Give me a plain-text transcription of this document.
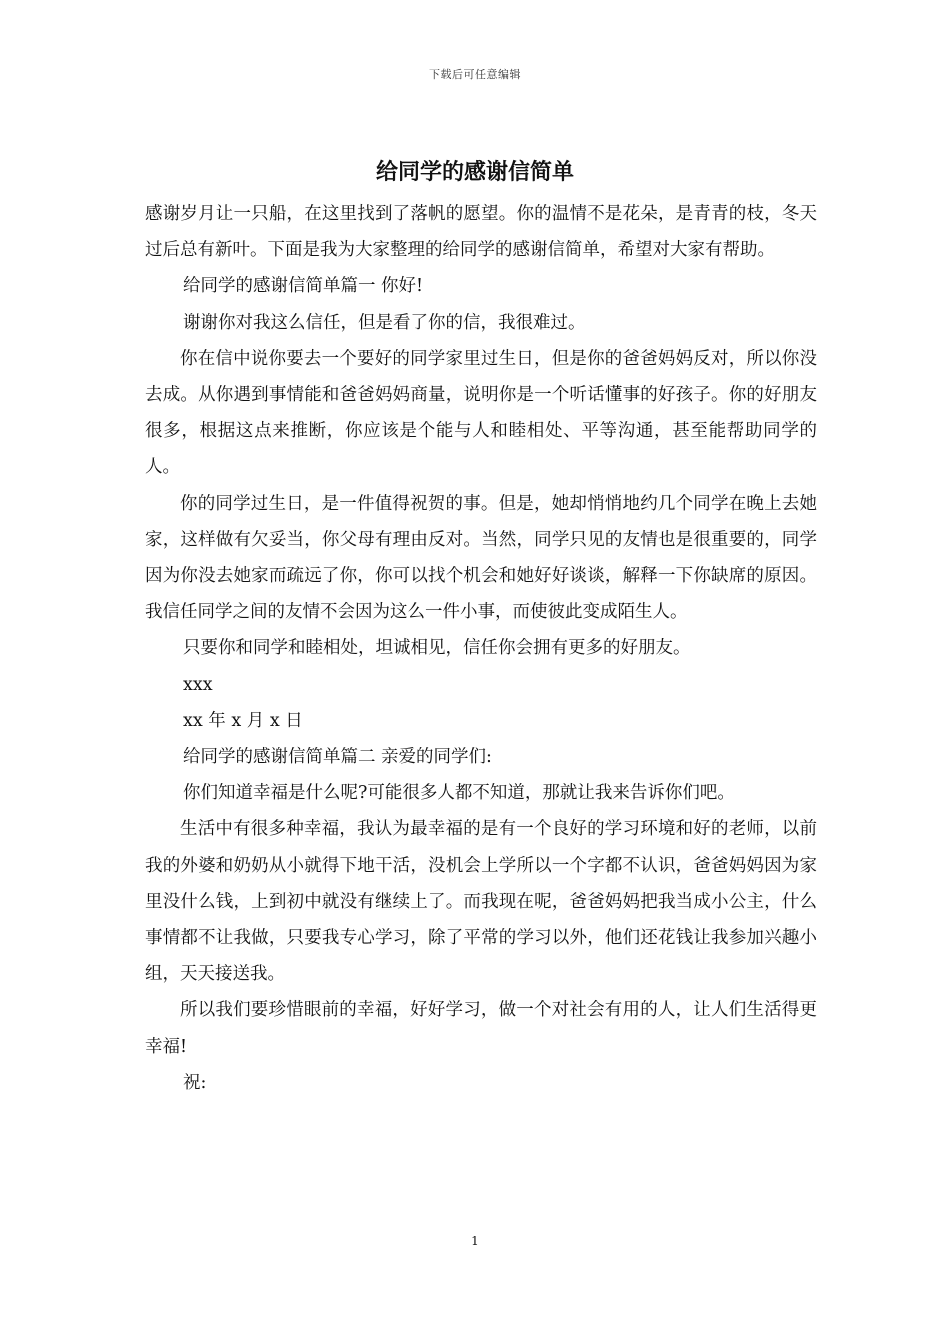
下载后可任意编辑
给同学的感谢信简单

感谢岁月让一只船，在这里找到了落帆的愿望。你的温情不是花朵，是青青的枝，冬天过后总有新叶。下面是我为大家整理的给同学的感谢信简单，希望对大家有帮助。

给同学的感谢信简单篇一 你好!

谢谢你对我这么信任，但是看了你的信，我很难过。

你在信中说你要去一个要好的同学家里过生日，但是你的爸爸妈妈反对，所以你没去成。从你遇到事情能和爸爸妈妈商量，说明你是一个听话懂事的好孩子。你的好朋友很多，根据这点来推断，你应该是个能与人和睦相处、平等沟通，甚至能帮助同学的人。

你的同学过生日，是一件值得祝贺的事。但是，她却悄悄地约几个同学在晚上去她家，这样做有欠妥当，你父母有理由反对。当然，同学只见的友情也是很重要的，同学因为你没去她家而疏远了你，你可以找个机会和她好好谈谈，解释一下你缺席的原因。我信任同学之间的友情不会因为这么一件小事，而使彼此变成陌生人。

只要你和同学和睦相处，坦诚相见，信任你会拥有更多的好朋友。

xxx

xx 年 x 月 x 日

给同学的感谢信简单篇二 亲爱的同学们:

你们知道幸福是什么呢?可能很多人都不知道，那就让我来告诉你们吧。

生活中有很多种幸福，我认为最幸福的是有一个良好的学习环境和好的老师，以前我的外婆和奶奶从小就得下地干活，没机会上学所以一个字都不认识，爸爸妈妈因为家里没什么钱，上到初中就没有继续上了。而我现在呢，爸爸妈妈把我当成小公主，什么事情都不让我做，只要我专心学习，除了平常的学习以外，他们还花钱让我参加兴趣小组，天天接送我。

所以我们要珍惜眼前的幸福，好好学习，做一个对社会有用的人，让人们生活得更幸福!

祝:

1
